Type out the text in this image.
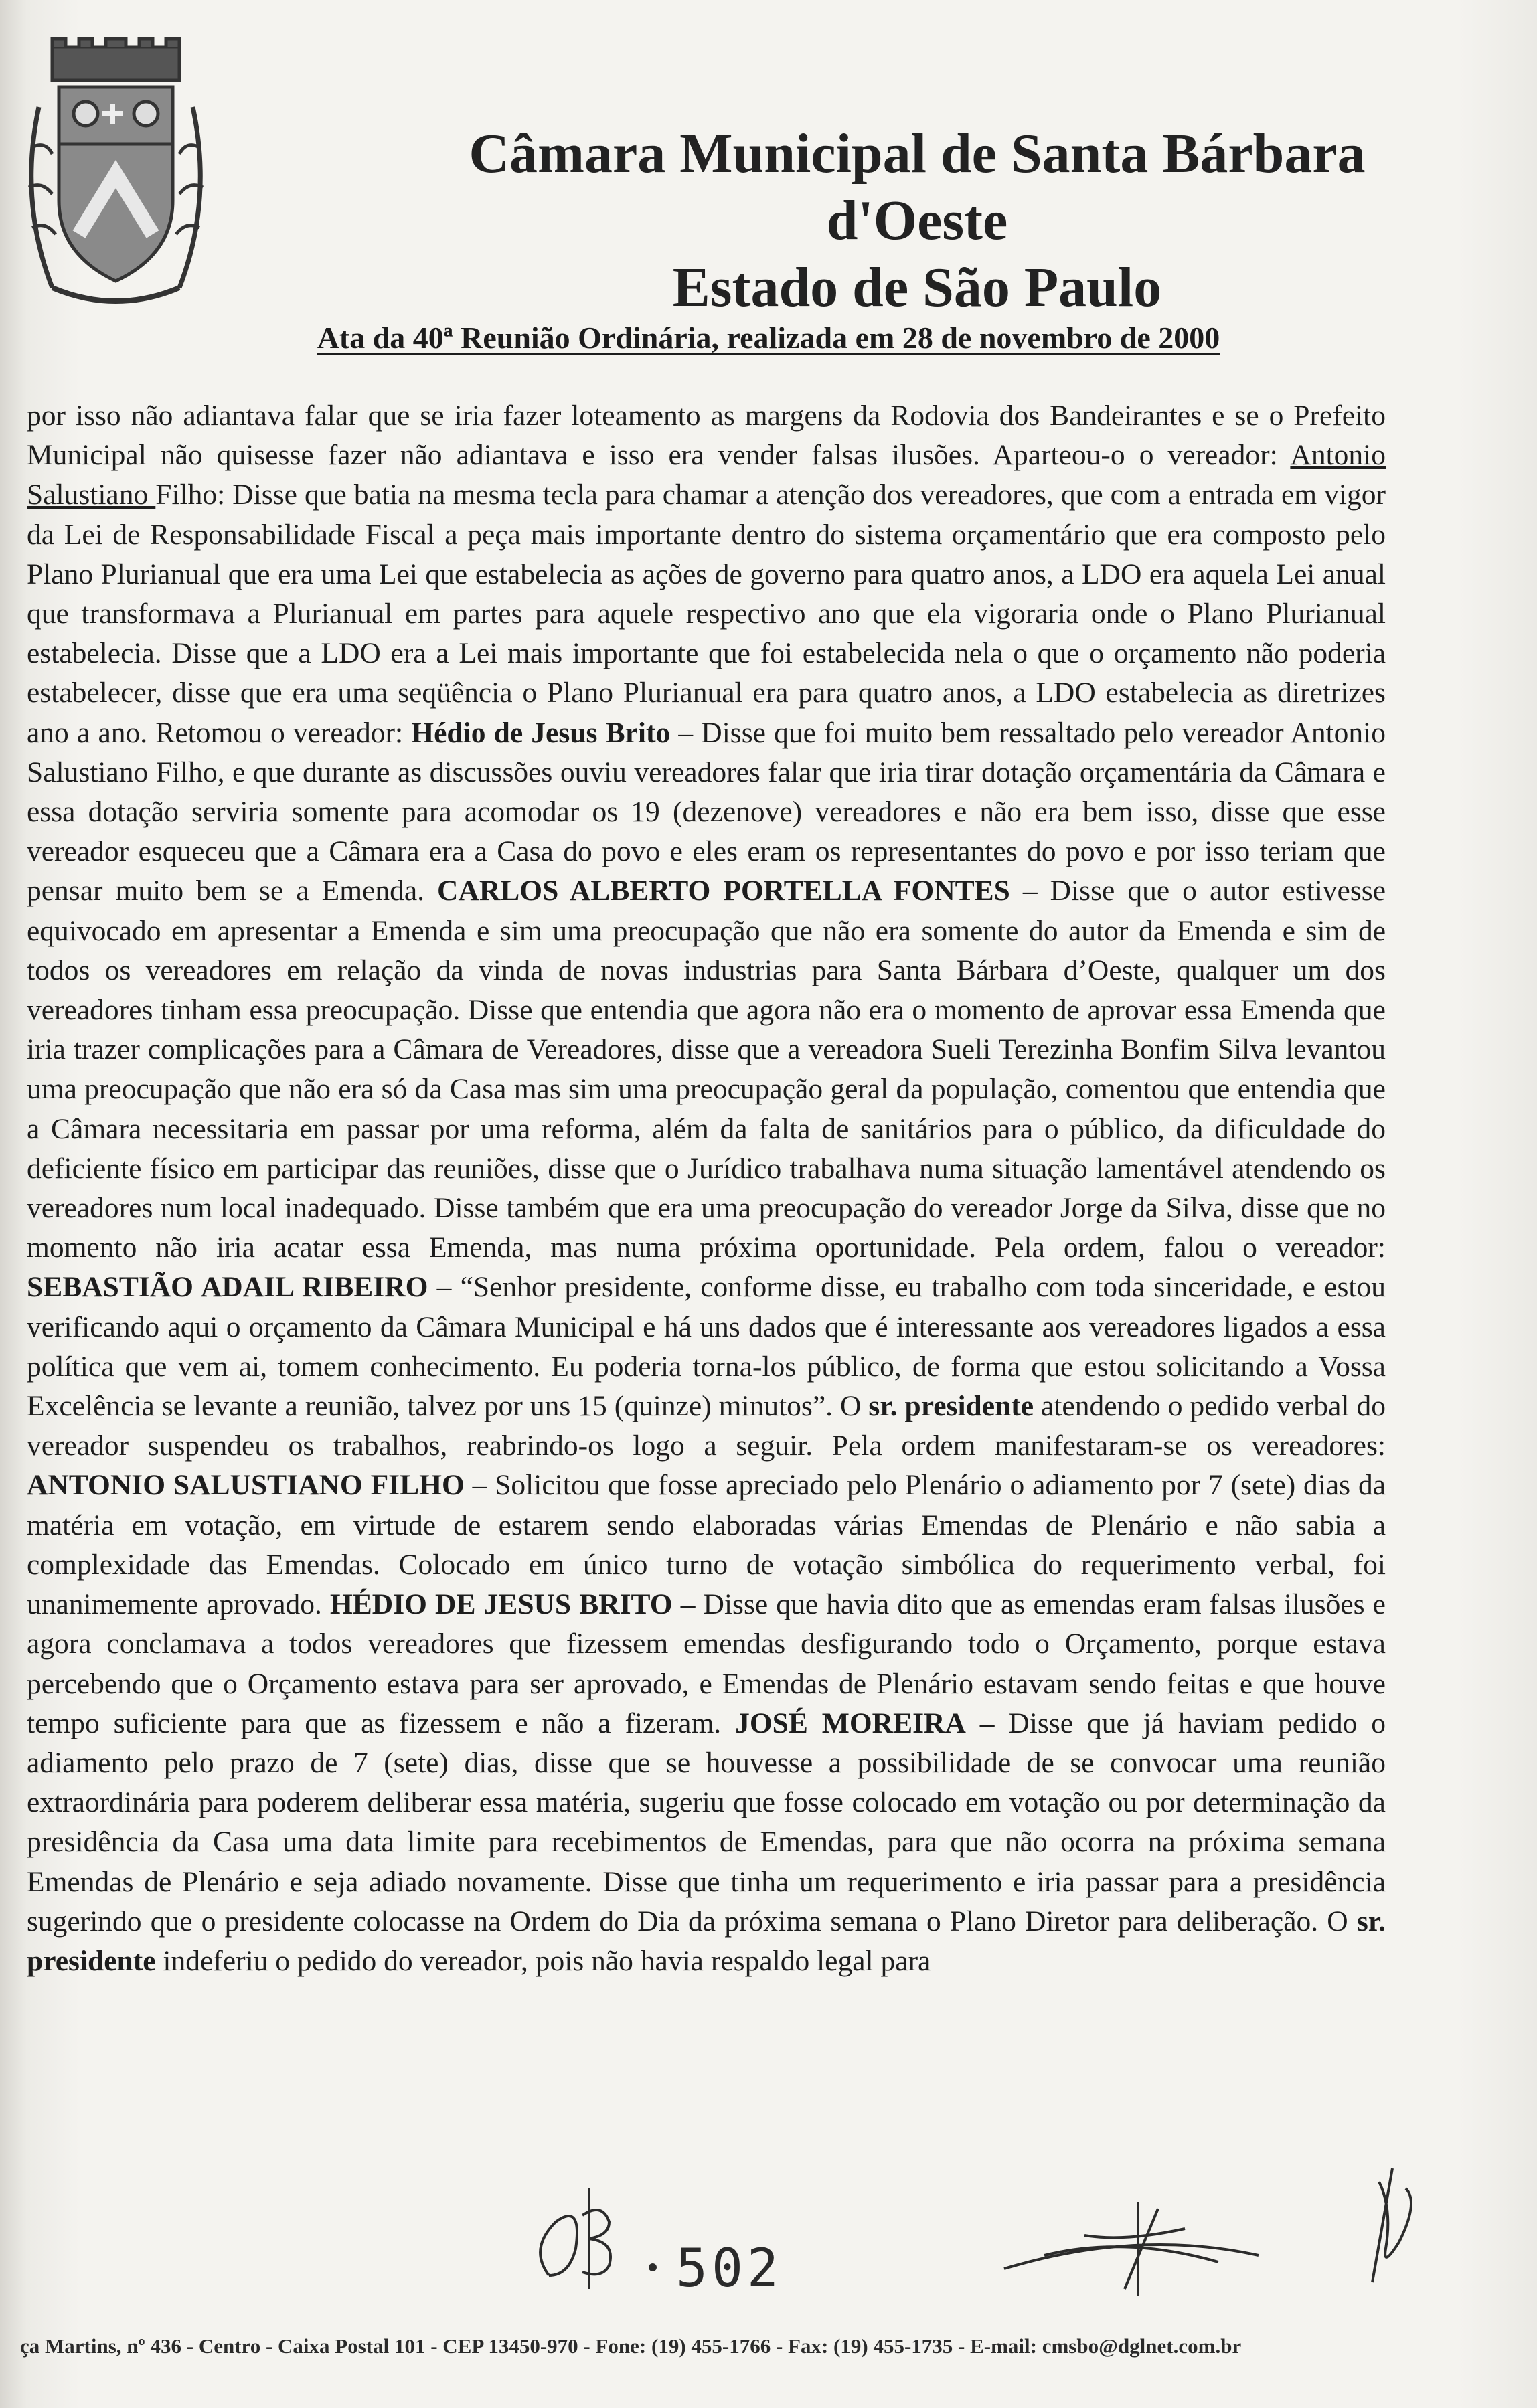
Câmara Municipal de Santa Bárbara d'Oeste
Estado de São Paulo
Ata da 40ª Reunião Ordinária, realizada em 28 de novembro de 2000

por isso não adiantava falar que se iria fazer loteamento as margens da Rodovia dos Bandeirantes e se o Prefeito Municipal não quisesse fazer não adiantava e isso era vender falsas ilusões. Aparteou-o o vereador: Antonio Salustiano Filho: Disse que batia na mesma tecla para chamar a atenção dos vereadores, que com a entrada em vigor da Lei de Responsabilidade Fiscal a peça mais importante dentro do sistema orçamentário que era composto pelo Plano Plurianual que era uma Lei que estabelecia as ações de governo para quatro anos, a LDO era aquela Lei anual que transformava a Plurianual em partes para aquele respectivo ano que ela vigoraria onde o Plano Plurianual estabelecia. Disse que a LDO era a Lei mais importante que foi estabelecida nela o que o orçamento não poderia estabelecer, disse que era uma seqüência o Plano Plurianual era para quatro anos, a LDO estabelecia as diretrizes ano a ano. Retomou o vereador: Hédio de Jesus Brito – Disse que foi muito bem ressaltado pelo vereador Antonio Salustiano Filho, e que durante as discussões ouviu vereadores falar que iria tirar dotação orçamentária da Câmara e essa dotação serviria somente para acomodar os 19 (dezenove) vereadores e não era bem isso, disse que esse vereador esqueceu que a Câmara era a Casa do povo e eles eram os representantes do povo e por isso teriam que pensar muito bem se a Emenda. CARLOS ALBERTO PORTELLA FONTES – Disse que o autor estivesse equivocado em apresentar a Emenda e sim uma preocupação que não era somente do autor da Emenda e sim de todos os vereadores em relação da vinda de novas industrias para Santa Bárbara d’Oeste, qualquer um dos vereadores tinham essa preocupação. Disse que entendia que agora não era o momento de aprovar essa Emenda que iria trazer complicações para a Câmara de Vereadores, disse que a vereadora Sueli Terezinha Bonfim Silva levantou uma preocupação que não era só da Casa mas sim uma preocupação geral da população, comentou que entendia que a Câmara necessitaria em passar por uma reforma, além da falta de sanitários para o público, da dificuldade do deficiente físico em participar das reuniões, disse que o Jurídico trabalhava numa situação lamentável atendendo os vereadores num local inadequado. Disse também que era uma preocupação do vereador Jorge da Silva, disse que no momento não iria acatar essa Emenda, mas numa próxima oportunidade. Pela ordem, falou o vereador: SEBASTIÃO ADAIL RIBEIRO – “Senhor presidente, conforme disse, eu trabalho com toda sinceridade, e estou verificando aqui o orçamento da Câmara Municipal e há uns dados que é interessante aos vereadores ligados a essa política que vem ai, tomem conhecimento. Eu poderia torna-los público, de forma que estou solicitando a Vossa Excelência se levante a reunião, talvez por uns 15 (quinze) minutos”. O sr. presidente atendendo o pedido verbal do vereador suspendeu os trabalhos, reabrindo-os logo a seguir. Pela ordem manifestaram-se os vereadores: ANTONIO SALUSTIANO FILHO – Solicitou que fosse apreciado pelo Plenário o adiamento por 7 (sete) dias da matéria em votação, em virtude de estarem sendo elaboradas várias Emendas de Plenário e não sabia a complexidade das Emendas. Colocado em único turno de votação simbólica do requerimento verbal, foi unanimemente aprovado. HÉDIO DE JESUS BRITO – Disse que havia dito que as emendas eram falsas ilusões e agora conclamava a todos vereadores que fizessem emendas desfigurando todo o Orçamento, porque estava percebendo que o Orçamento estava para ser aprovado, e Emendas de Plenário estavam sendo feitas e que houve tempo suficiente para que as fizessem e não a fizeram. JOSÉ MOREIRA – Disse que já haviam pedido o adiamento pelo prazo de 7 (sete) dias, disse que se houvesse a possibilidade de se convocar uma reunião extraordinária para poderem deliberar essa matéria, sugeriu que fosse colocado em votação ou por determinação da presidência da Casa uma data limite para recebimentos de Emendas, para que não ocorra na próxima semana Emendas de Plenário e seja adiado novamente. Disse que tinha um requerimento e iria passar para a presidência sugerindo que o presidente colocasse na Ordem do Dia da próxima semana o Plano Diretor para deliberação. O sr. presidente indeferiu o pedido do vereador, pois não havia respaldo legal para

502
ça Martins, nº 436 - Centro - Caixa Postal 101 - CEP 13450-970 - Fone: (19) 455-1766 - Fax: (19) 455-1735 - E-mail: cmsbo@dglnet.com.br
